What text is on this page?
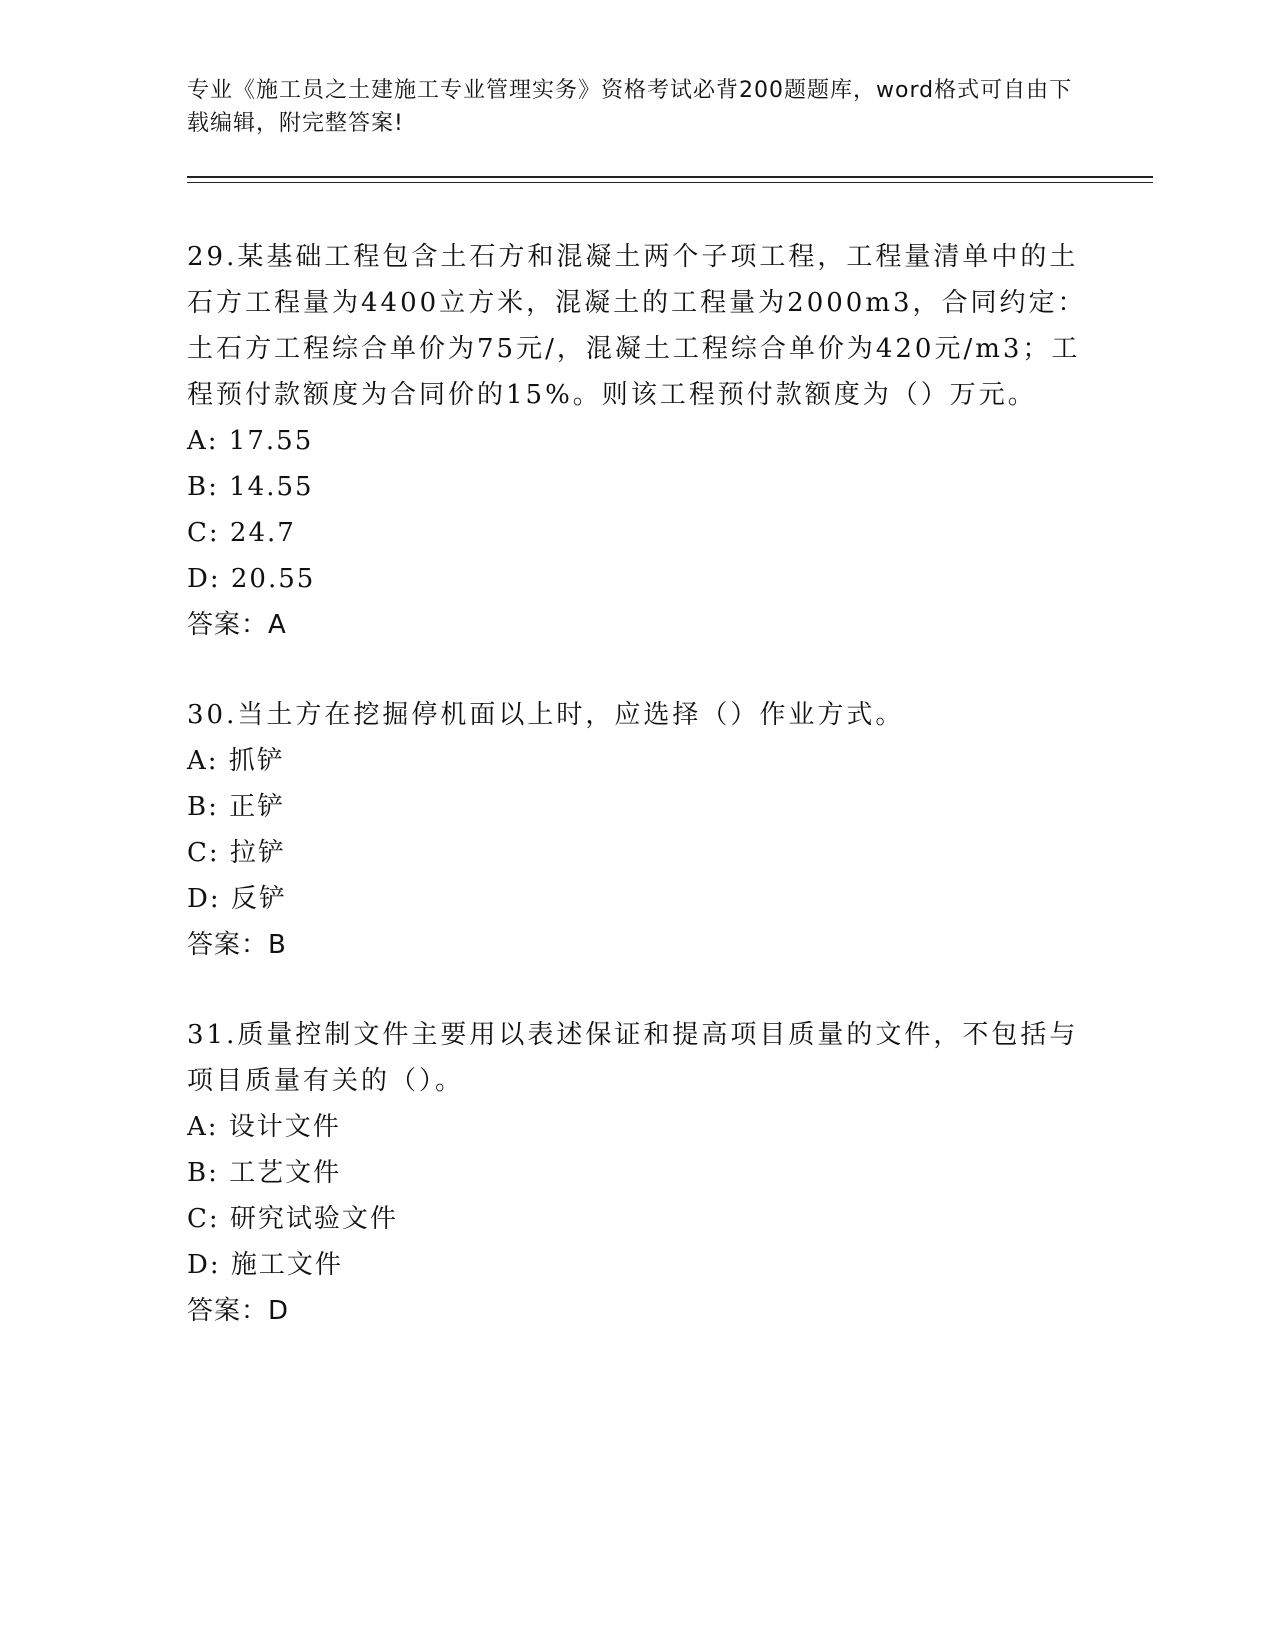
专业《施工员之土建施工专业管理实务》资格考试必背200题题库，word格式可自由下载编辑，附完整答案!
29.某基础工程包含土石方和混凝土两个子项工程，工程量清单中的土石方工程量为4400立方米，混凝土的工程量为2000m3，合同约定：土石方工程综合单价为75元/，混凝土工程综合单价为420元/m3；工程预付款额度为合同价的15%。则该工程预付款额度为（）万元。
A: 17.55
B: 14.55
C: 24.7
D: 20.55
答案：A
30.当土方在挖掘停机面以上时，应选择（）作业方式。
A: 抓铲
B: 正铲
C: 拉铲
D: 反铲
答案：B
31.质量控制文件主要用以表述保证和提高项目质量的文件，不包括与项目质量有关的（）。
A: 设计文件
B: 工艺文件
C: 研究试验文件
D: 施工文件
答案：D
